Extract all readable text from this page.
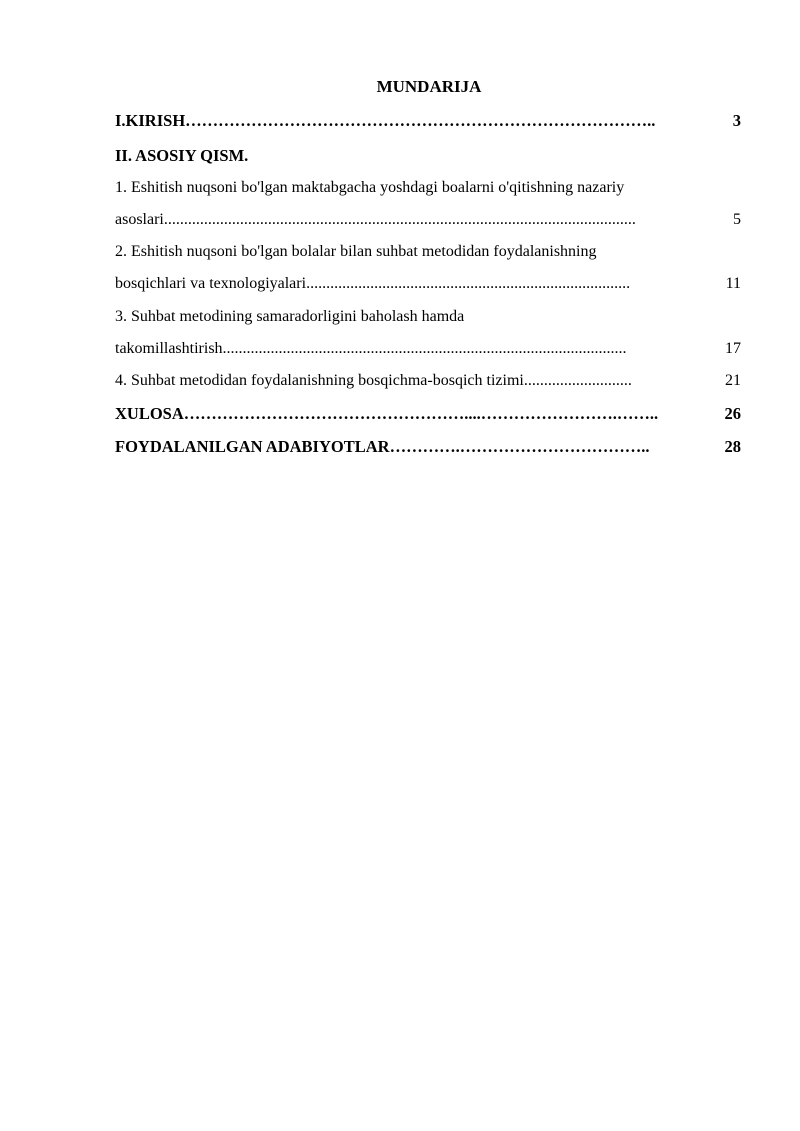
MUNDARIJA
I.KIRISH …………………………………………………………………………..	3
II. ASOSIY QISM.
1. Eshitish nuqsoni bo'lgan maktabgacha yoshdagi boalarni o'qitishning nazariy
asoslari ......................................................................................................................	5
2. Eshitish nuqsoni bo'lgan bolalar bilan suhbat metodidan foydalanishning
bosqichlari va texnologiyalari .................................................................................	11
3. Suhbat metodining samaradorligini baholash hamda
takomillashtirish .....................................................................................................	17
4. Suhbat metodidan foydalanishning bosqichma-bosqich tizimi ...........................	21
XULOSA ……………………………………………....…………………….……..	26
FOYDALANILGAN ADABIYOTLAR ………….……………………………..	28
